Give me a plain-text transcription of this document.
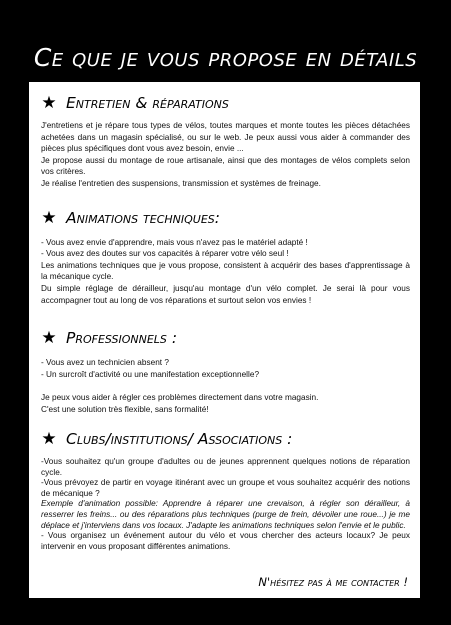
Ce que je vous propose en détails
★ Entretien & réparations

J'entretiens et je répare tous types de vélos, toutes marques et monte toutes les pièces détachées achetées dans un magasin spécialisé, ou sur le web. Je peux aussi vous aider à commander des pièces plus spécifiques dont vous avez besoin, envie ...

Je propose aussi du montage de roue artisanale, ainsi que des montages de vélos complets selon vos critères.

Je réalise l'entretien des suspensions, transmission et systèmes de freinage.

★ Animations techniques:

- Vous avez envie d'apprendre, mais vous n'avez pas le matériel adapté !

- Vous avez des doutes sur vos capacités à réparer votre vélo seul !

Les animations techniques que je vous propose, consistent à acquérir des bases d'apprentissage à la mécanique cycle.

Du simple réglage de dérailleur, jusqu'au montage d'un vélo complet. Je serai là pour vous accompagner tout au long de vos réparations et surtout selon vos envies !

★ Professionnels :

- Vous avez un technicien absent ?

- Un surcroît d'activité ou une manifestation exceptionnelle?

Je peux vous aider à régler ces problèmes directement dans votre magasin.

C'est une solution très flexible, sans formalité!

★ Clubs/institutions/ Associations :

-Vous souhaitez qu'un groupe d'adultes ou de jeunes apprennent quelques notions de réparation cycle.

-Vous prévoyez de partir en voyage itinérant avec un groupe et vous souhaitez acquérir des notions de mécanique ?

Exemple d'animation possible: Apprendre à réparer une crevaison, à régler son dérailleur, à resserrer les freins... ou des réparations plus techniques (purge de frein, dévoiler une roue...) je me déplace et j'interviens dans vos locaux. J'adapte les animations techniques selon l'envie et le public.

- Vous organisez un événement autour du vélo et vous chercher des acteurs locaux? Je peux intervenir en vous proposant différentes animations.

N'hésitez pas à me contacter !
